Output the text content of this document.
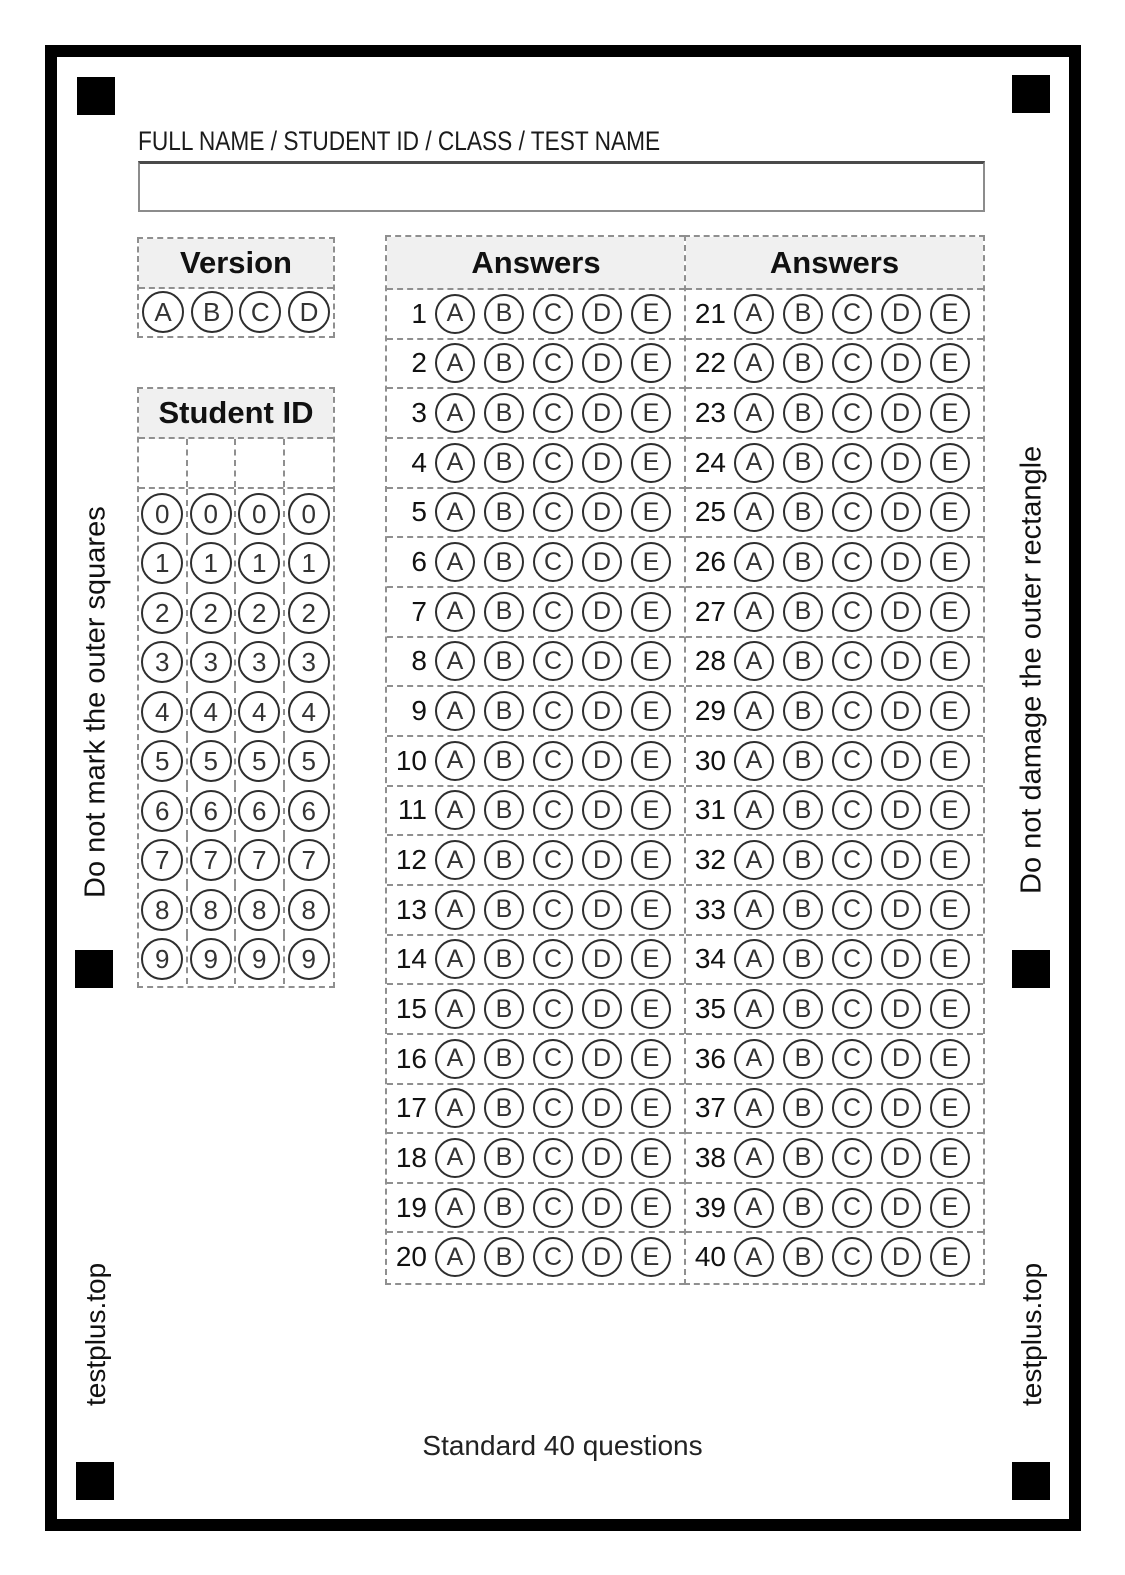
FULL NAME / STUDENT ID / CLASS / TEST NAME
Version
A	B	C	D
Student ID
0	0	0	0
1	1	1	1
2	2	2	2
3	3	3	3
4	4	4	4
5	5	5	5
6	6	6	6
7	7	7	7
8	8	8	8
9	9	9	9
Answers
1 A	B	C	D	E
2 A	B	C	D	E
3 A	B	C	D	E
4 A	B	C	D	E
5 A	B	C	D	E
6 A	B	C	D	E
7 A	B	C	D	E
8 A	B	C	D	E
9 A	B	C	D	E
10 A	B	C	D	E
11 A	B	C	D	E
12 A	B	C	D	E
13 A	B	C	D	E
14 A	B	C	D	E
15 A	B	C	D	E
16 A	B	C	D	E
17 A	B	C	D	E
18 A	B	C	D	E
19 A	B	C	D	E
20 A	B	C	D	E
Answers
21 A	B	C	D	E
22 A	B	C	D	E
23 A	B	C	D	E
24 A	B	C	D	E
25 A	B	C	D	E
26 A	B	C	D	E
27 A	B	C	D	E
28 A	B	C	D	E
29 A	B	C	D	E
30 A	B	C	D	E
31 A	B	C	D	E
32 A	B	C	D	E
33 A	B	C	D	E
34 A	B	C	D	E
35 A	B	C	D	E
36 A	B	C	D	E
37 A	B	C	D	E
38 A	B	C	D	E
39 A	B	C	D	E
40 A	B	C	D	E
Do not mark the outer squares	Do not damage the outer rectangle
testplus.top	testplus.top
Standard 40 questions
